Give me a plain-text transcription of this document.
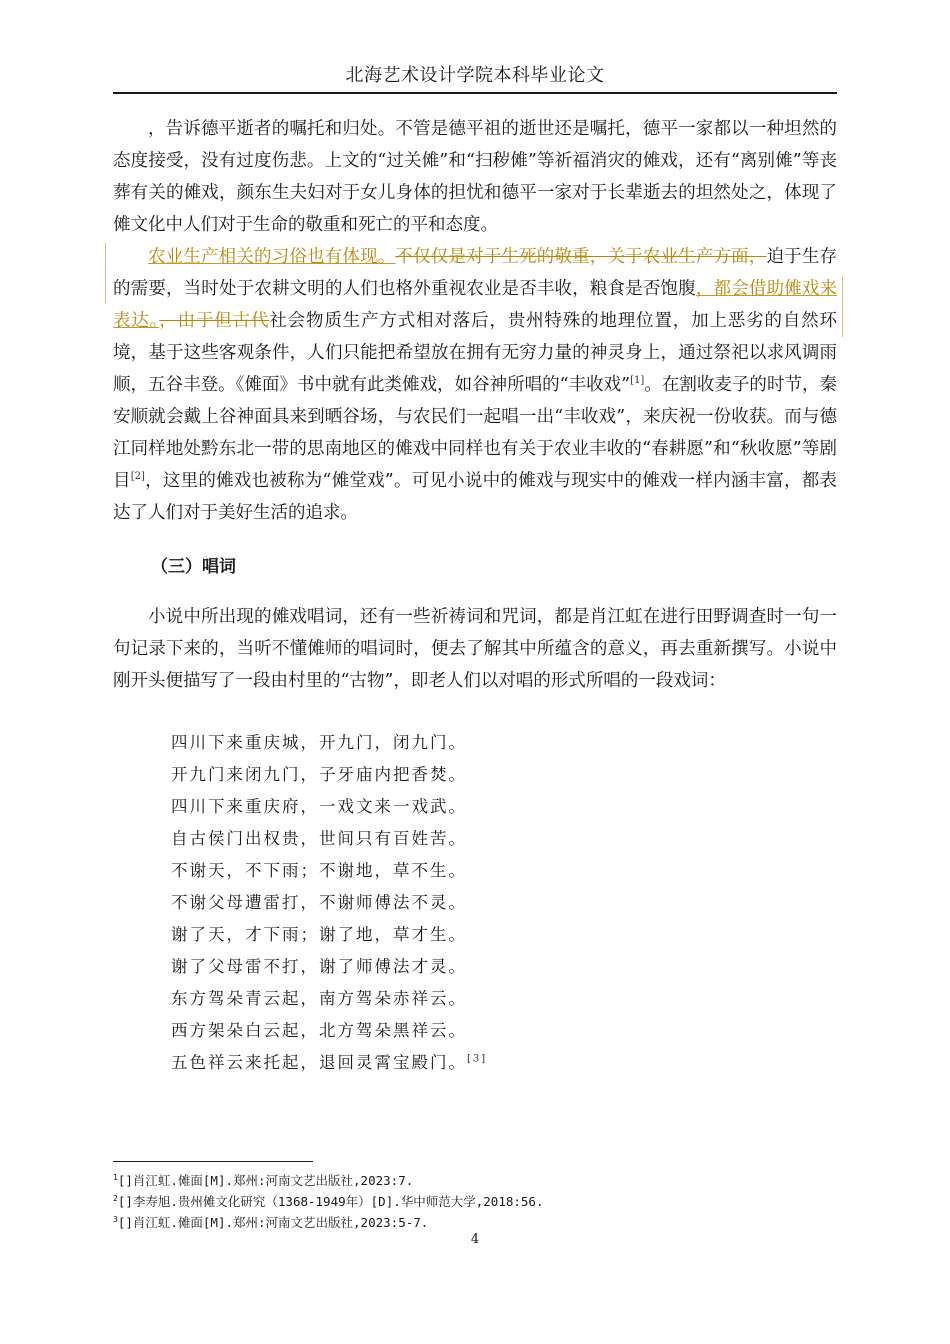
北海艺术设计学院本科毕业论文

，告诉德平逝者的嘱托和归处。不管是德平祖的逝世还是嘱托，德平一家都以一种坦然的态度接受，没有过度伤悲。上文的“过关傩”和“扫秽傩”等祈福消灾的傩戏，还有“离别傩”等丧葬有关的傩戏，颜东生夫妇对于女儿身体的担忧和德平一家对于长辈逝去的坦然处之，体现了傩文化中人们对于生命的敬重和死亡的平和态度。

农业生产相关的习俗也有体现。不仅仅是对于生死的敬重，关于农业生产方面，迫于生存的需要，当时处于农耕文明的人们也格外重视农业是否丰收，粮食是否饱腹，都会借助傩戏来表达。，由于但古代社会物质生产方式相对落后，贵州特殊的地理位置，加上恶劣的自然环境，基于这些客观条件，人们只能把希望放在拥有无穷力量的神灵身上，通过祭祀以求风调雨顺，五谷丰登。《傩面》书中就有此类傩戏，如谷神所唱的“丰收戏”[1]。在割收麦子的时节，秦安顺就会戴上谷神面具来到晒谷场，与农民们一起唱一出“丰收戏”，来庆祝一份收获。而与德江同样地处黔东北一带的思南地区的傩戏中同样也有关于农业丰收的“春耕愿”和“秋收愿”等剧目[2]，这里的傩戏也被称为“傩堂戏”。可见小说中的傩戏与现实中的傩戏一样内涵丰富，都表达了人们对于美好生活的追求。

（三）唱词

小说中所出现的傩戏唱词，还有一些祈祷词和咒词，都是肖江虹在进行田野调查时一句一句记录下来的，当听不懂傩师的唱词时，便去了解其中所蕴含的意义，再去重新撰写。小说中刚开头便描写了一段由村里的“古物”，即老人们以对唱的形式所唱的一段戏词：

四川下来重庆城，开九门，闭九门。
开九门来闭九门，子牙庙内把香焚。
四川下来重庆府，一戏文来一戏武。
自古侯门出权贵，世间只有百姓苦。
不谢天，不下雨；不谢地，草不生。
不谢父母遭雷打，不谢师傅法不灵。
谢了天，才下雨；谢了地，草才生。
谢了父母雷不打，谢了师傅法才灵。
东方驾朵青云起，南方驾朵赤祥云。
西方架朵白云起，北方驾朵黑祥云。
五色祥云来托起，退回灵霄宝殿门。[3]
$^1$[]肖江虹.傩面[M].郑州:河南文艺出版社,2023:7.
$^2$[]李寿旭.贵州傩文化研究（1368-1949年）[D].华中师范大学,2018:56.
$^3$[]肖江虹.傩面[M].郑州:河南文艺出版社,2023:5-7.
4
